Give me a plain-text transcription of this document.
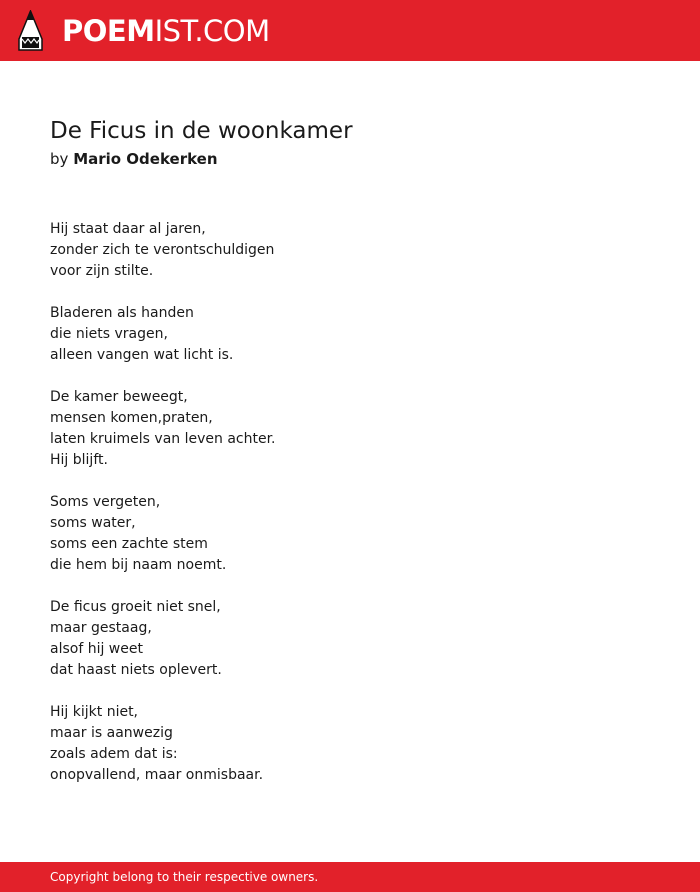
POEMIST.COM
De Ficus in de woonkamer
by Mario Odekerken
Hij staat daar al jaren,
zonder zich te verontschuldigen
voor zijn stilte.
Bladeren als handen
die niets vragen,
alleen vangen wat licht is.
De kamer beweegt,
mensen komen,praten,
laten kruimels van leven achter.
Hij blijft.
Soms vergeten,
soms water,
soms een zachte stem
die hem bij naam noemt.
De ficus groeit niet snel,
maar gestaag,
alsof hij weet
dat haast niets oplevert.
Hij kijkt niet,
maar is aanwezig
zoals adem dat is:
onopvallend, maar onmisbaar.
Copyright belong to their respective owners.
